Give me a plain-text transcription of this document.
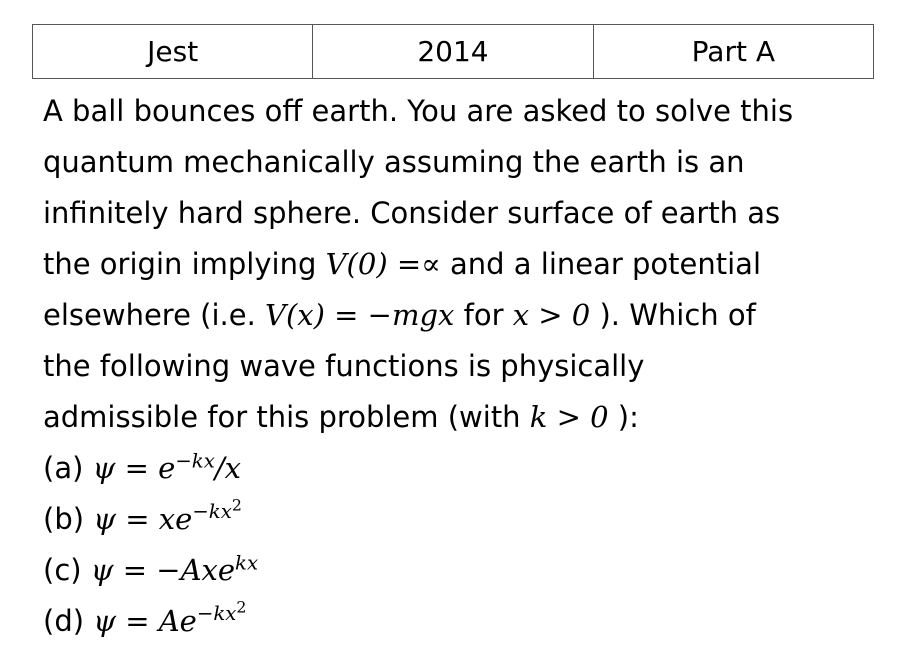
Jest	2014	Part A
A ball bounces off earth. You are asked to solve this
quantum mechanically assuming the earth is an
infinitely hard sphere. Consider surface of earth as
the origin implying V(0) =∝ and a linear potential
elsewhere (i.e. V(x) = −mgx for x > 0 ). Which of
the following wave functions is physically
admissible for this problem (with k > 0 ):
(a) $\psi = e^{-kx}/x$
(b) $\psi = xe^{-kx^2}$
(c) ψ = −Axe$^{kx}$
(d) $\psi = Ae^{-kx^2}$
